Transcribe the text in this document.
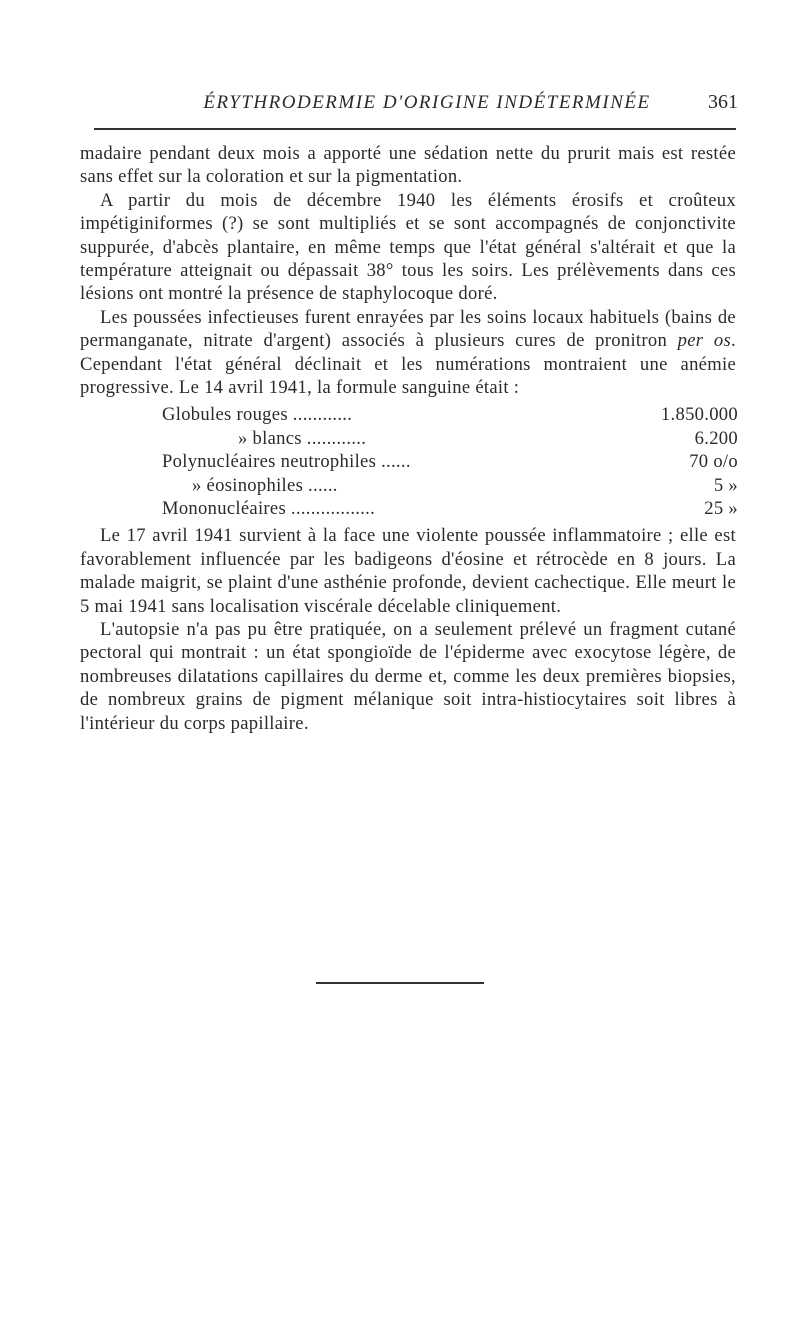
ÉRYTHRODERMIE D'ORIGINE INDÉTERMINÉE	361

madaire pendant deux mois a apporté une sédation nette du prurit mais est restée sans effet sur la coloration et sur la pigmentation.

A partir du mois de décembre 1940 les éléments érosifs et croûteux impétiginiformes (?) se sont multipliés et se sont accompagnés de conjonctivite suppurée, d'abcès plantaire, en même temps que l'état général s'altérait et que la température atteignait ou dépassait 38° tous les soirs. Les prélèvements dans ces lésions ont montré la présence de staphylocoque doré.

Les poussées infectieuses furent enrayées par les soins locaux habituels (bains de permanganate, nitrate d'argent) associés à plusieurs cures de pronitron per os. Cependant l'état général déclinait et les numérations montraient une anémie progressive. Le 14 avril 1941, la formule sanguine était :

Globules rouges ............	1.850.000
» blancs ............	6.200
Polynucléaires neutrophiles ......	70 o/o
» éosinophiles ......	5 »
Mononucléaires .................	25 »

Le 17 avril 1941 survient à la face une violente poussée inflammatoire ; elle est favorablement influencée par les badigeons d'éosine et rétrocède en 8 jours. La malade maigrit, se plaint d'une asthénie profonde, devient cachectique. Elle meurt le 5 mai 1941 sans localisation viscérale décelable cliniquement.

L'autopsie n'a pas pu être pratiquée, on a seulement prélevé un fragment cutané pectoral qui montrait : un état spongioïde de l'épiderme avec exocytose légère, de nombreuses dilatations capillaires du derme et, comme les deux premières biopsies, de nombreux grains de pigment mélanique soit intra-histiocytaires soit libres à l'intérieur du corps papillaire.
